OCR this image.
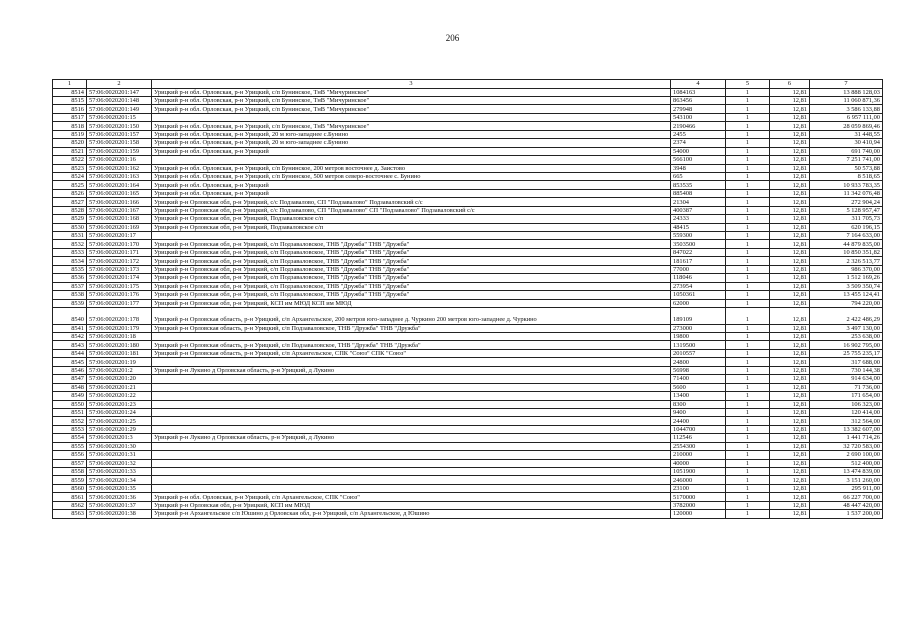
206
1	2	3	4	5	6	7
8514	57:06:0020201:147	Урицкий р-н обл. Орловская, р-н Урицкий, с/п Бунинское, ТнВ "Мичуринское"	1084163	1	12,81	13 888 128,03
8515	57:06:0020201:148	Урицкий р-н обл. Орловская, р-н Урицкий, с/п Бунинское, ТнВ "Мичуринское"	863456	1	12,81	11 060 871,36
8516	57:06:0020201:149	Урицкий р-н обл. Орловская, р-н Урицкий, с/п Бунинское, ТнВ "Мичуринское"	279948	1	12,81	3 586 133,88
8517	57:06:0020201:15		543100	1	12,81	6 957 111,00
8518	57:06:0020201:150	Урицкий р-н обл. Орловская, р-н Урицкий, с/п Бунинское, ТнВ "Мичуринское"	2190466	1	12,81	28 059 869,46
8519	57:06:0020201:157	Урицкий р-н обл. Орловская, р-н Урицкий, 20 м юго-западнее с.Бунино	2455	1	12,81	31 448,55
8520	57:06:0020201:158	Урицкий р-н обл. Орловская, р-н Урицкий, 20 м юго-западнее с.Бунино	2374	1	12,81	30 410,94
8521	57:06:0020201:159	Урицкий р-н обл. Орловская, р-н Урицкий	54000	1	12,81	691 740,00
8522	57:06:0020201:16		566100	1	12,81	7 251 741,00
8523	57:06:0020201:162	Урицкий р-н обл. Орловская, р-н Урицкий, с/п Бунинское, 200 метров восточнее д. Заистово	3948	1	12,81	50 573,88
8524	57:06:0020201:163	Урицкий р-н обл. Орловская, р-н Урицкий, с/п Бунинское, 500 метров северо-восточнее с. Бунино	665	1	12,81	8 518,65
8525	57:06:0020201:164	Урицкий р-н обл. Орловская, р-н Урицкий	853535	1	12,81	10 933 783,35
8526	57:06:0020201:165	Урицкий р-н обл. Орловская, р-н Урицкий	885408	1	12,81	11 342 076,48
8527	57:06:0020201:166	Урицкий р-н Орловская обл, р-н Урицкий, с/с Подзавалово, СП "Подзавалово" Подзаваловский с/с	21304	1	12,81	272 904,24
8528	57:06:0020201:167	Урицкий р-н Орловская обл, р-н Урицкий, с/с Подзавалово, СП "Подзавалово" СП "Подзавалово" Подзаваловский с/с	400387	1	12,81	5 128 957,47
8529	57:06:0020201:168	Урицкий р-н Орловская обл, р-н Урицкий, Подзаваловское с/п	24333	1	12,81	311 705,73
8530	57:06:0020201:169	Урицкий р-н Орловская обл, р-н Урицкий, Подзаваловское с/п	48415	1	12,81	620 196,15
8531	57:06:0020201:17		559300	1	12,81	7 164 633,00
8532	57:06:0020201:170	Урицкий р-н Орловская обл, р-н Урицкий, с/п Подзаваловское, ТНВ "Дружба" ТНВ "Дружба"	3503500	1	12,81	44 879 835,00
8533	57:06:0020201:171	Урицкий р-н Орловская обл, р-н Урицкий, с/п Подзаваловское, ТНВ "Дружба" ТНВ "Дружба"	847022	1	12,81	10 850 351,82
8534	57:06:0020201:172	Урицкий р-н Орловская обл, р-н Урицкий, с/п Подзаваловское, ТНВ "Дружба" ТНВ "Дружба"	181617	1	12,81	2 326 513,77
8535	57:06:0020201:173	Урицкий р-н Орловская обл, р-н Урицкий, с/п Подзаваловское, ТНВ "Дружба" ТНВ "Дружба"	77000	1	12,81	986 370,00
8536	57:06:0020201:174	Урицкий р-н Орловская обл, р-н Урицкий, с/п Подзаваловское, ТНВ "Дружба" ТНВ "Дружба"	118046	1	12,81	1 512 169,26
8537	57:06:0020201:175	Урицкий р-н Орловская обл, р-н Урицкий, с/п Подзаваловское, ТНВ "Дружба" ТНВ "Дружба"	273954	1	12,81	3 509 350,74
8538	57:06:0020201:176	Урицкий р-н Орловская обл, р-н Урицкий, с/п Подзаваловское, ТНВ "Дружба" ТНВ "Дружба"	1050361	1	12,81	13 455 124,41
8539	57:06:0020201:177	Урицкий р-н Орловская обл, р-н Урицкий, КСП им МЮД КСП им МЮД	62000	1	12,81	794 220,00
8540	57:06:0020201:178	Урицкий р-н Орловская область, р-н Урицкий, с/п Архангельское, 200 метров юго-западнее д. Чуркино 200 метров юго-западнее д. Чуркино	189109	1	12,81	2 422 486,29
8541	57:06:0020201:179	Урицкий р-н Орловская область, р-н Урицкий, с/п Подзаваловское, ТНВ "Дружба" ТНВ "Дружба"	273000	1	12,81	3 497 130,00
8542	57:06:0020201:18		19800	1	12,81	253 638,00
8543	57:06:0020201:180	Урицкий р-н Орловская область, р-н Урицкий, с/п Подзаваловское, ТНВ "Дружба" ТНВ "Дружба"	1319500	1	12,81	16 902 795,00
8544	57:06:0020201:181	Урицкий р-н Орловская область, р-н Урицкий, с/п Архангельское, СПК "Союз" СПК "Союз"	2010557	1	12,81	25 755 235,17
8545	57:06:0020201:19		24800	1	12,81	317 688,00
8546	57:06:0020201:2	Урицкий р-н Лукино д Орловская область, р-н Урицкий, д Лукино	56998	1	12,81	730 144,38
8547	57:06:0020201:20		71400	1	12,81	914 634,00
8548	57:06:0020201:21		5600	1	12,81	71 736,00
8549	57:06:0020201:22		13400	1	12,81	171 654,00
8550	57:06:0020201:23		8300	1	12,81	106 323,00
8551	57:06:0020201:24		9400	1	12,81	120 414,00
8552	57:06:0020201:25		24400	1	12,81	312 564,00
8553	57:06:0020201:29		1044700	1	12,81	13 382 607,00
8554	57:06:0020201:3	Урицкий р-н Лукино д Орловская область, р-н Урицкий, д Лукино	112546	1	12,81	1 441 714,26
8555	57:06:0020201:30		2554300	1	12,81	32 720 583,00
8556	57:06:0020201:31		210000	1	12,81	2 690 100,00
8557	57:06:0020201:32		40000	1	12,81	512 400,00
8558	57:06:0020201:33		1051900	1	12,81	13 474 839,00
8559	57:06:0020201:34		246000	1	12,81	3 151 260,00
8560	57:06:0020201:35		23100	1	12,81	295 911,00
8561	57:06:0020201:36	Урицкий р-н обл. Орловская, р-н Урицкий, с/п Архангельское, СПК "Союз"	5170000	1	12,81	66 227 700,00
8562	57:06:0020201:37	Урицкий р-н Орловская обл, р-н Урицкий, КСП им МЮД	3782000	1	12,81	48 447 420,00
8563	57:06:0020201:38	Урицкий р-н Архангельское с/п Юшино д Орловская обл, р-н Урицкий, с/п Архангельское, д Юшино	120000	1	12,81	1 537 200,00
